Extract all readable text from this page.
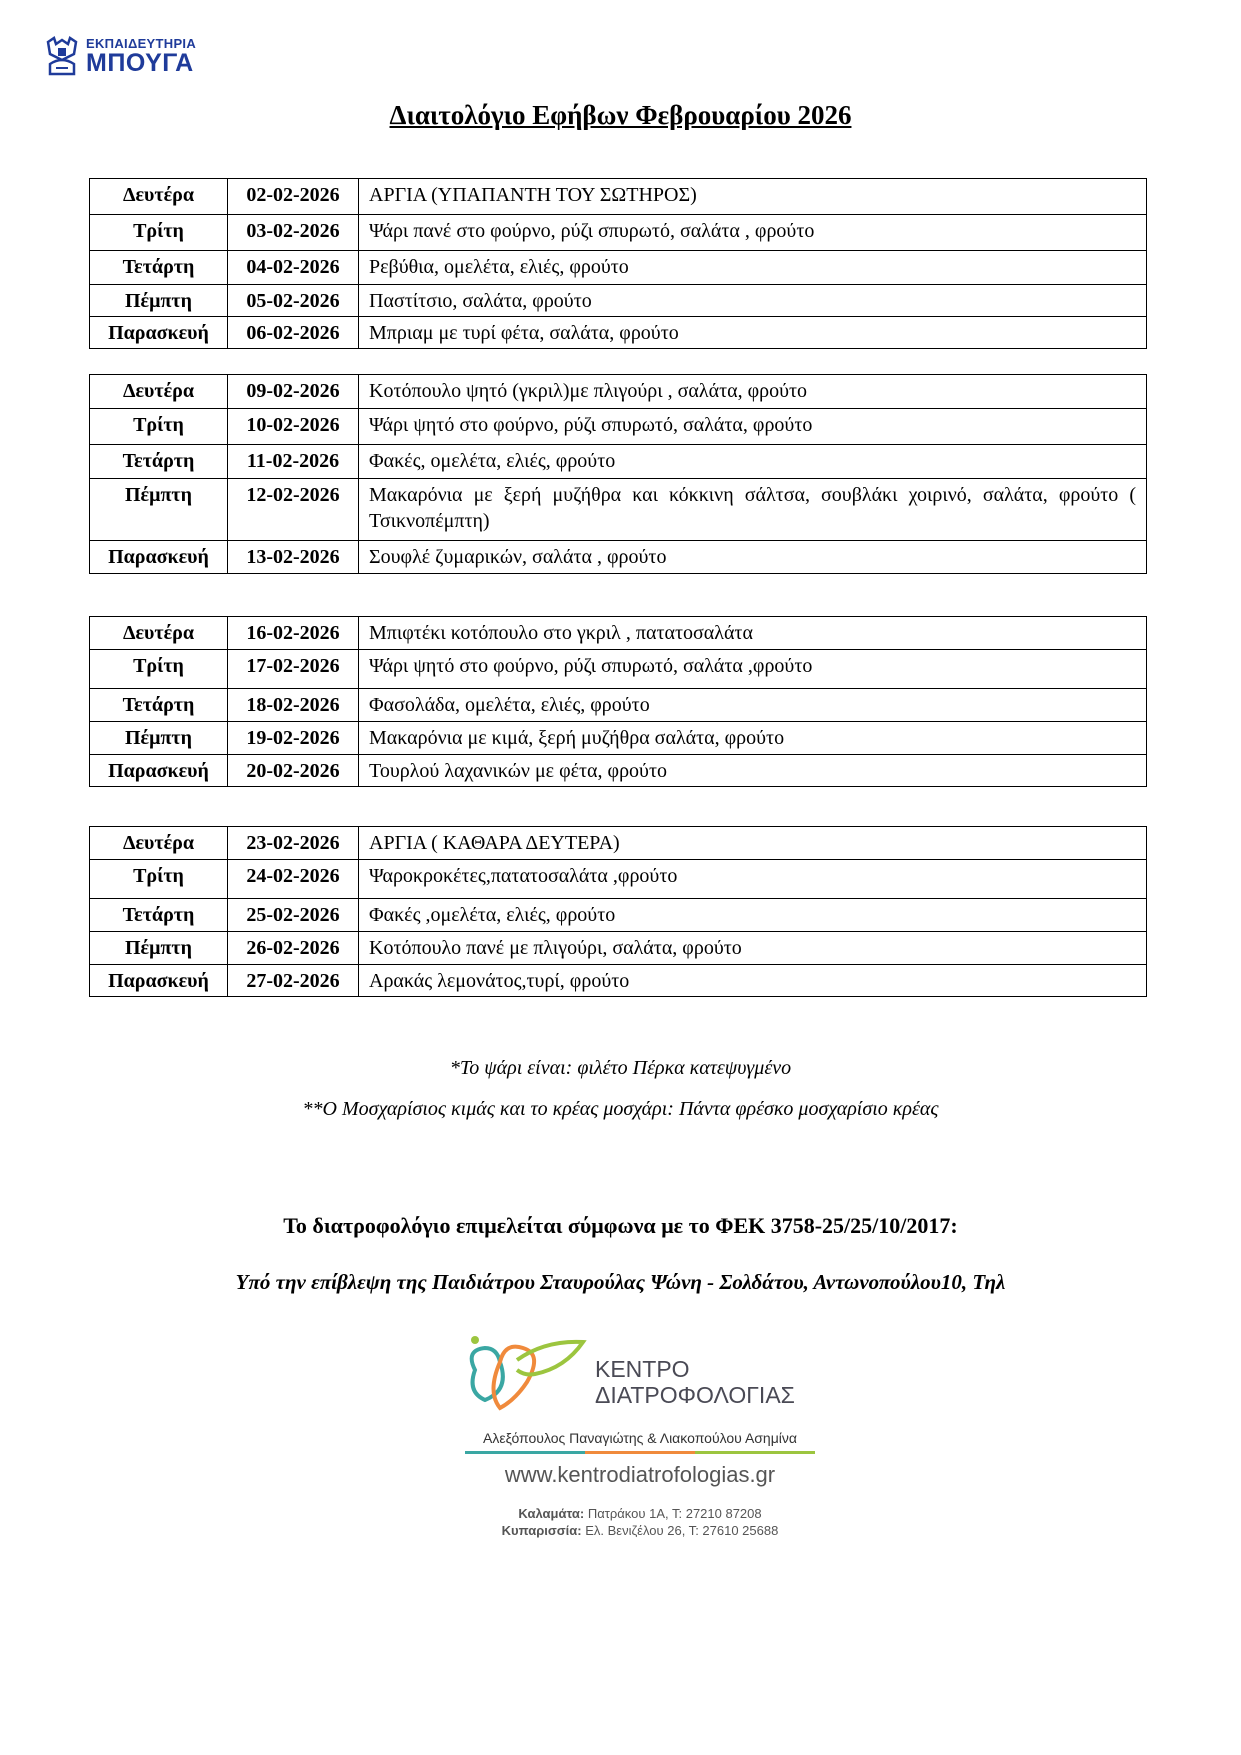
ΕΚΠΑΙΔΕΥΤΗΡΙΑ
ΜΠΟΥΓΑ
Διαιτολόγιο Εφήβων Φεβρουαρίου 2026
Δευτέρα	02-02-2026	ΑΡΓΙΑ (ΥΠΑΠΑΝΤΗ ΤΟΥ ΣΩΤΗΡΟΣ)

Τρίτη	03-02-2026	Ψάρι πανέ στο φούρνο, ρύζι σπυρωτό, σαλάτα , φρούτο

Τετάρτη	04-02-2026	Ρεβύθια, ομελέτα, ελιές, φρούτο

Πέμπτη	05-02-2026	Παστίτσιο, σαλάτα, φρούτο

Παρασκευή	06-02-2026	Μπριαμ με τυρί φέτα, σαλάτα, φρούτο
Δευτέρα	09-02-2026	Κοτόπουλο ψητό (γκριλ)με πλιγούρι , σαλάτα, φρούτο

Τρίτη	10-02-2026	Ψάρι ψητό στο φούρνο, ρύζι σπυρωτό, σαλάτα, φρούτο

Τετάρτη	11-02-2026	Φακές, ομελέτα, ελιές, φρούτο

Πέμπτη	12-02-2026	Μακαρόνια με ξερή μυζήθρα και κόκκινη σάλτσα, σουβλάκι χοιρινό, σαλάτα, φρούτο ( Τσικνοπέμπτη)

Παρασκευή	13-02-2026	Σουφλέ ζυμαρικών, σαλάτα , φρούτο
Δευτέρα	16-02-2026	Μπιφτέκι κοτόπουλο στο γκριλ , πατατοσαλάτα

Τρίτη	17-02-2026	Ψάρι ψητό στο φούρνο, ρύζι σπυρωτό, σαλάτα ,φρούτο

Τετάρτη	18-02-2026	Φασολάδα, ομελέτα, ελιές, φρούτο

Πέμπτη	19-02-2026	Μακαρόνια με κιμά, ξερή μυζήθρα σαλάτα, φρούτο

Παρασκευή	20-02-2026	Τουρλού λαχανικών με φέτα, φρούτο
Δευτέρα	23-02-2026	ΑΡΓΙΑ ( ΚΑΘΑΡΑ ΔΕΥΤΕΡΑ)

Τρίτη	24-02-2026	Ψαροκροκέτες,πατατοσαλάτα ,φρούτο

Τετάρτη	25-02-2026	Φακές ,ομελέτα, ελιές, φρούτο

Πέμπτη	26-02-2026	Κοτόπουλο πανέ με πλιγούρι, σαλάτα, φρούτο

Παρασκευή	27-02-2026	Αρακάς λεμονάτος,τυρί, φρούτο
*Το ψάρι είναι: φιλέτο Πέρκα κατεψυγμένο
**Ο Μοσχαρίσιος κιμάς και το κρέας μοσχάρι: Πάντα φρέσκο μοσχαρίσιο κρέας
Το διατροφολόγιο επιμελείται σύμφωνα με το ΦΕΚ 3758-25/25/10/2017:
Υπό την επίβλεψη της Παιδιάτρου Σταυρούλας Ψώνη - Σολδάτου, Αντωνοπούλου10, Τηλ
ΚΕΝΤΡΟ
ΔΙΑΤΡΟΦΟΛΟΓΙΑΣ
Αλεξόπουλος Παναγιώτης & Λιακοπούλου Ασημίνα
www.kentrodiatrofologias.gr
Καλαμάτα: Πατράκου 1Α, Τ: 27210 87208
Κυπαρισσία: Ελ. Βενιζέλου 26, Τ: 27610 25688
